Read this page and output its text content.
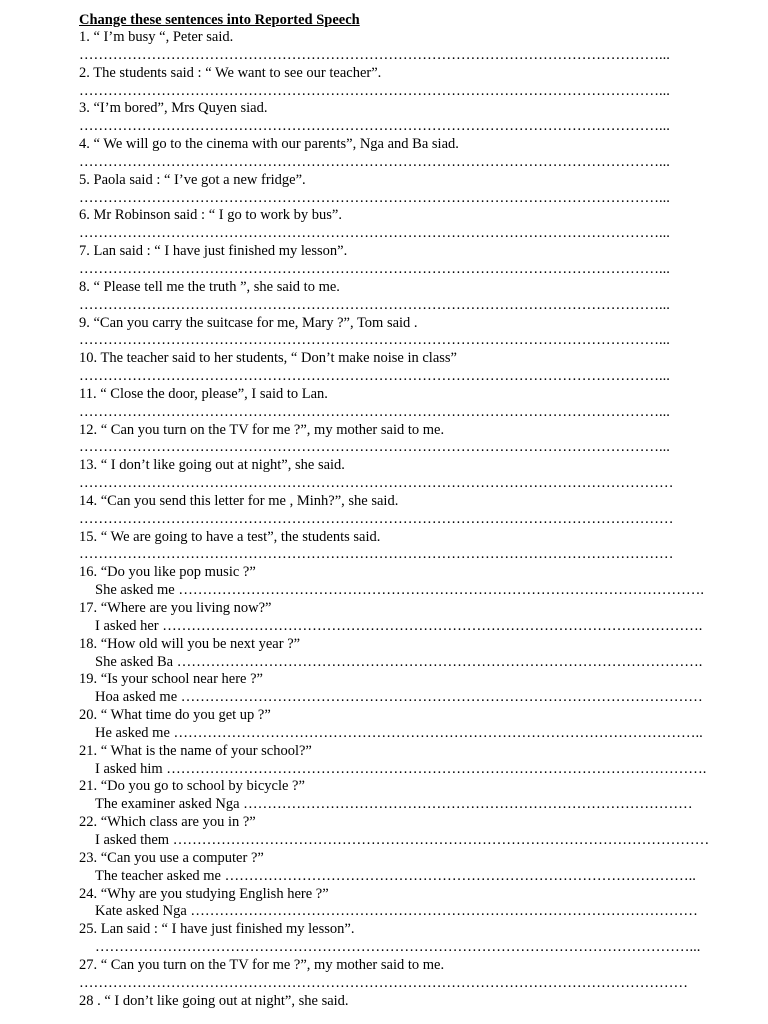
Change these sentences into Reported Speech
1. “ I’m busy “, Peter said.
…………………………………………………………………………………………………………...
2. The students said : “ We want to see our teacher”.
…………………………………………………………………………………………………………...
3. “I’m bored”, Mrs Quyen siad.
…………………………………………………………………………………………………………...
4. “ We will go to the cinema with our parents”, Nga and Ba siad.
…………………………………………………………………………………………………………...
5. Paola said : “ I’ve got a new fridge”.
…………………………………………………………………………………………………………...
6. Mr Robinson said : “ I go to work by bus”.
…………………………………………………………………………………………………………...
7. Lan said : “ I have just finished my lesson”.
…………………………………………………………………………………………………………...
8. “ Please tell me the truth ”, she said to me.
…………………………………………………………………………………………………………...
9. “Can you carry the suitcase for me, Mary ?”, Tom said .
…………………………………………………………………………………………………………...
10. The teacher said to her students, “ Don’t make noise in class”
…………………………………………………………………………………………………………...
11. “ Close the door, please”, I said to Lan.
…………………………………………………………………………………………………………...
12. “ Can you turn on the TV for me ?”, my mother said to me.
…………………………………………………………………………………………………………...
13. “ I don’t like going out at night”, she said.
……………………………………………………………………………………………………………
14. “Can you send this letter for me , Minh?”, she said.
……………………………………………………………………………………………………………
15. “ We are going to have a test”, the students said.
……………………………………………………………………………………………………………
16. “Do you like pop music ?”
She asked me ……………………………………………………………………………………………….
17. “Where are you living now?”
I asked her ………………………………………………………………………………………………….
18. “How old will you be next year ?”
She asked Ba ……………………………………………………………………………………………….
19. “Is your school near here ?”
Hoa asked me ………………………………………………………………………………………………
20. “ What time do you get up ?”
He asked me ………………………………………………………………………………………………..
21. “ What is the name of your school?”
I asked him ………………………………………………………………………………………………….
21. “Do you go to school by bicycle ?”
The examiner asked Nga …………………………………………………………………………………
22. “Which class are you in ?”
I asked them …………………………………………………………………………………………………
23. “Can you use a computer ?”
The teacher asked me ……………………………………………………………………………………..
24. “Why are you studying English here ?”
Kate asked Nga ……………………………………………………………………………………………
25. Lan said : “ I have just finished my lesson”.
……………………………………………………………………………………………………………...
27. “ Can you turn on the TV for me ?”, my mother said to me.
………………………………………………………………………………………………………………
28 . “ I don’t like going out at night”, she said.
